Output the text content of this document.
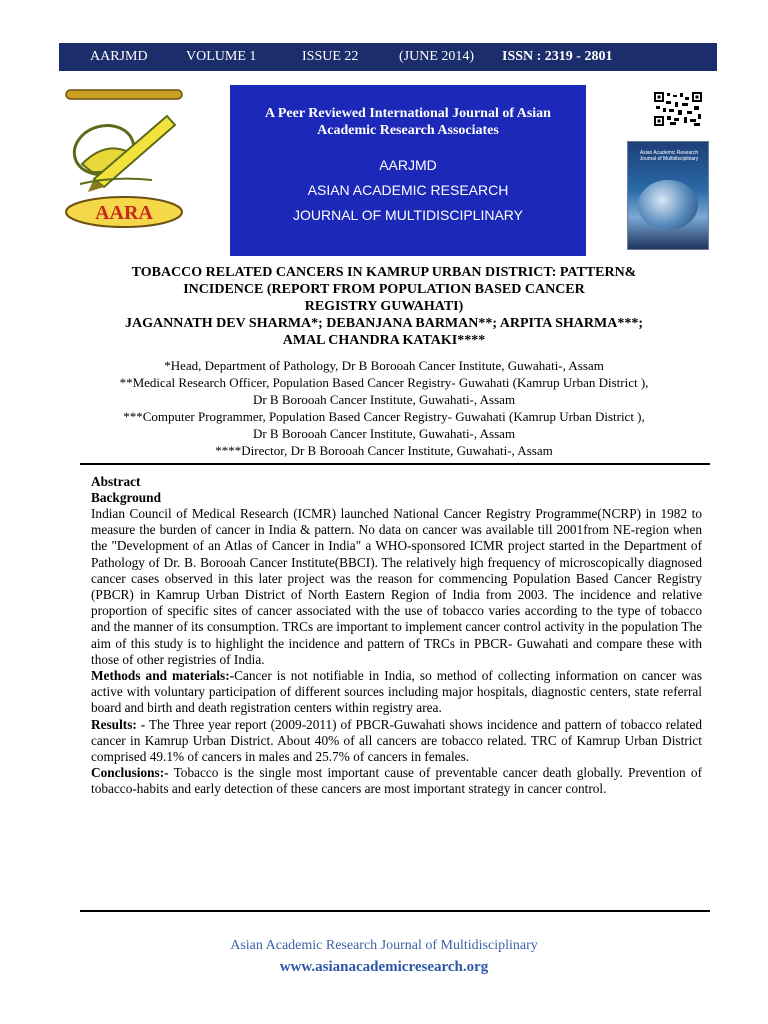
AARJMD	VOLUME 1	ISSUE 22	(JUNE 2014) ISSN : 2319 - 2801
AARA
A Peer Reviewed International Journal of Asian Academic Research Associates
AARJMD
ASIAN ACADEMIC RESEARCH
JOURNAL OF MULTIDISCIPLINARY
Asian Academic Research Journal of Multidisciplinary
TOBACCO RELATED CANCERS IN KAMRUP URBAN DISTRICT: PATTERN&
INCIDENCE (REPORT FROM POPULATION BASED CANCER
REGISTRY GUWAHATI)
JAGANNATH DEV SHARMA*; DEBANJANA BARMAN**; ARPITA SHARMA***;
AMAL CHANDRA KATAKI****
*Head, Department of Pathology, Dr B Borooah Cancer Institute, Guwahati-, Assam
**Medical Research Officer, Population Based Cancer Registry- Guwahati (Kamrup Urban District ),
Dr B Borooah Cancer Institute, Guwahati-, Assam
***Computer Programmer, Population Based Cancer Registry- Guwahati (Kamrup Urban District ),
Dr B Borooah Cancer Institute, Guwahati-, Assam
****Director, Dr B Borooah Cancer Institute, Guwahati-, Assam
Abstract
Background

Indian Council of Medical Research (ICMR) launched National Cancer Registry Programme(NCRP) in 1982 to measure the burden of cancer in India & pattern. No data on cancer was available till 2001from NE-region when the "Development of an Atlas of Cancer in India" a WHO-sponsored ICMR project started in the Department of Pathology of Dr. B. Borooah Cancer Institute(BBCI). The relatively high frequency of microscopically diagnosed cancer cases observed in this later project was the reason for commencing Population Based Cancer Registry (PBCR) in Kamrup Urban District of North Eastern Region of India from 2003. The incidence and relative proportion of specific sites of cancer associated with the use of tobacco varies according to the type of tobacco and the manner of its consumption. TRCs are important to implement cancer control activity in the population The aim of this study is to highlight the incidence and pattern of TRCs in PBCR- Guwahati and compare these with those of other registries of India.

Methods and materials:-Cancer is not notifiable in India, so method of collecting information on cancer was active with voluntary participation of different sources including major hospitals, diagnostic centers, state referral board and birth and death registration centers within registry area.

Results: - The Three year report (2009-2011) of PBCR-Guwahati shows incidence and pattern of tobacco related cancer in Kamrup Urban District. About 40% of all cancers are tobacco related. TRC of Kamrup Urban District comprised 49.1% of cancers in males and 25.7% of cancers in females.

Conclusions:- Tobacco is the single most important cause of preventable cancer death globally. Prevention of tobacco-habits and early detection of these cancers are most important strategy in cancer control.

Asian Academic Research Journal of Multidisciplinary
www.asianacademicresearch.org
